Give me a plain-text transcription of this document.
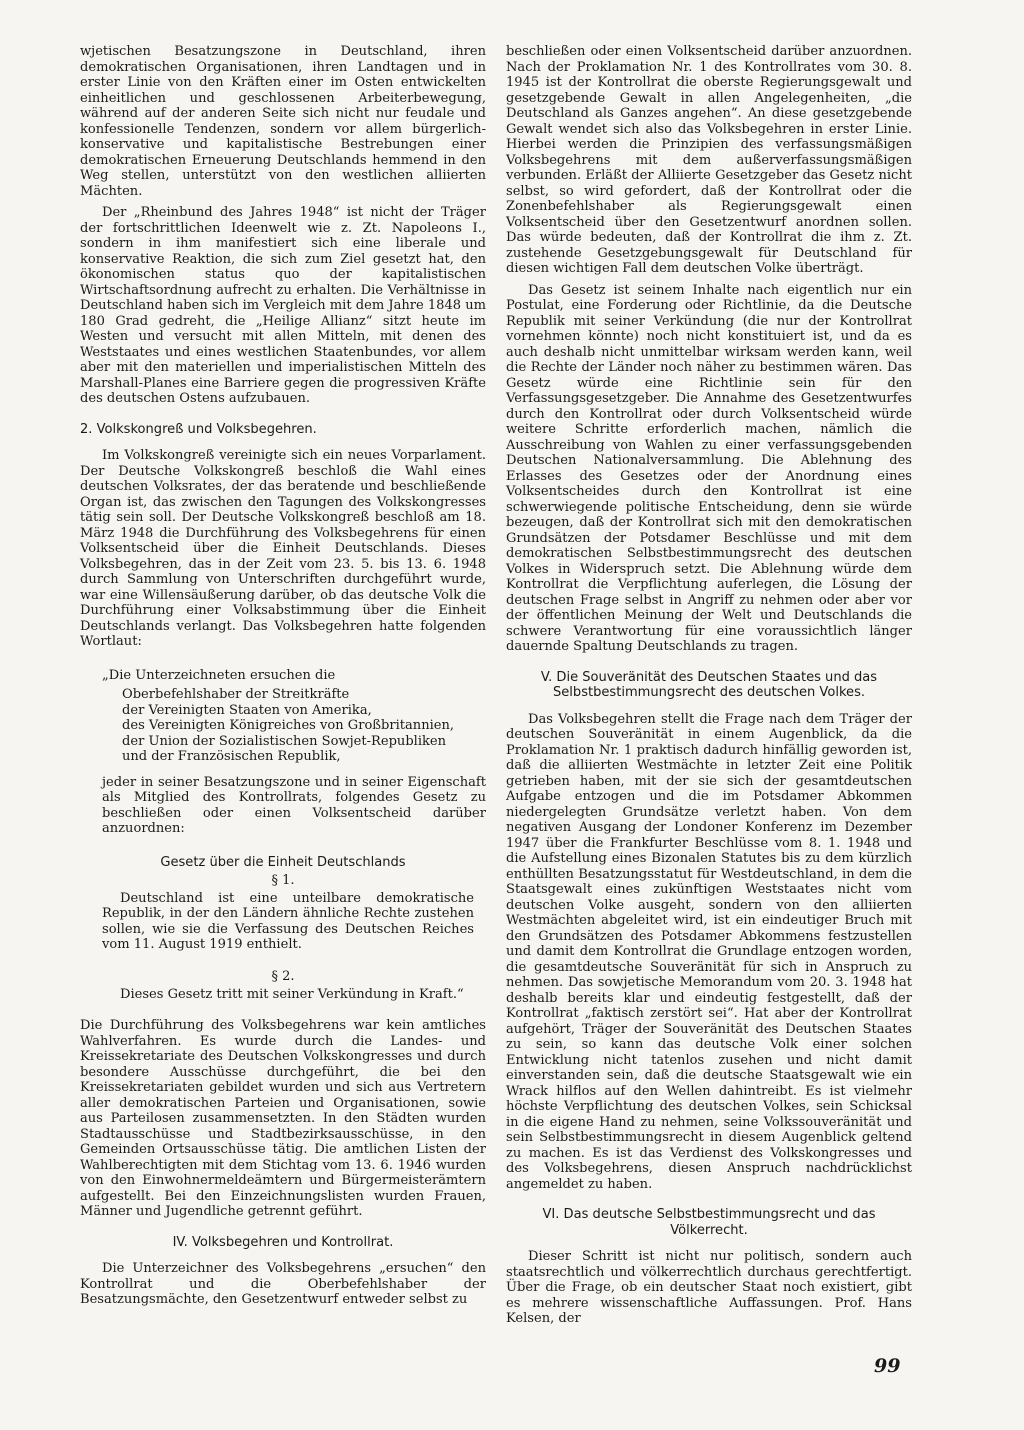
wjetischen Besatzungszone in Deutschland, ihren demokratischen Organisationen, ihren Landtagen und in erster Linie von den Kräften einer im Osten entwickelten einheitlichen und geschlossenen Arbeiterbewegung, während auf der anderen Seite sich nicht nur feudale und konfessionelle Tendenzen, sondern vor allem bürgerlich-konservative und kapitalistische Bestrebungen einer demokratischen Erneuerung Deutschlands hemmend in den Weg stellen, unterstützt von den westlichen alliierten Mächten.

Der „Rheinbund des Jahres 1948“ ist nicht der Träger der fortschrittlichen Ideenwelt wie z. Zt. Napoleons I., sondern in ihm manifestiert sich eine liberale und konservative Reaktion, die sich zum Ziel gesetzt hat, den ökonomischen status quo der kapitalistischen Wirtschaftsordnung aufrecht zu erhalten. Die Verhältnisse in Deutschland haben sich im Vergleich mit dem Jahre 1848 um 180 Grad gedreht, die „Heilige Allianz“ sitzt heute im Westen und versucht mit allen Mitteln, mit denen des Weststaates und eines westlichen Staatenbundes, vor allem aber mit den materiellen und imperialistischen Mitteln des Marshall-Planes eine Barriere gegen die progressiven Kräfte des deutschen Ostens aufzubauen.

2. Volkskongreß und Volksbegehren.

Im Volkskongreß vereinigte sich ein neues Vorparlament. Der Deutsche Volkskongreß beschloß die Wahl eines deutschen Volksrates, der das beratende und beschließende Organ ist, das zwischen den Tagungen des Volkskongresses tätig sein soll. Der Deutsche Volkskongreß beschloß am 18. März 1948 die Durchführung des Volksbegehrens für einen Volksentscheid über die Einheit Deutschlands. Dieses Volksbegehren, das in der Zeit vom 23. 5. bis 13. 6. 1948 durch Sammlung von Unterschriften durchgeführt wurde, war eine Willensäußerung darüber, ob das deutsche Volk die Durchführung einer Volksabstimmung über die Einheit Deutschlands verlangt. Das Volksbegehren hatte folgenden Wortlaut:

„Die Unterzeichneten ersuchen die

Oberbefehlshaber der Streitkräfte

der Vereinigten Staaten von Amerika,

des Vereinigten Königreiches von Großbritannien,

der Union der Sozialistischen Sowjet-Republiken

und der Französischen Republik,

jeder in seiner Besatzungszone und in seiner Eigenschaft als Mitglied des Kontrollrats, folgendes Gesetz zu beschließen oder einen Volksentscheid darüber anzuordnen:

Gesetz über die Einheit Deutschlands
§ 1.

Deutschland ist eine unteilbare demokratische Republik, in der den Ländern ähnliche Rechte zustehen sollen, wie sie die Verfassung des Deutschen Reiches vom 11. August 1919 enthielt.

§ 2.

Dieses Gesetz tritt mit seiner Verkündung in Kraft.“

Die Durchführung des Volksbegehrens war kein amtliches Wahlverfahren. Es wurde durch die Landes- und Kreissekretariate des Deutschen Volkskongresses und durch besondere Ausschüsse durchgeführt, die bei den Kreissekretariaten gebildet wurden und sich aus Vertretern aller demokratischen Parteien und Organisationen, sowie aus Parteilosen zusammensetzten. In den Städten wurden Stadtausschüsse und Stadtbezirksausschüsse, in den Gemeinden Ortsausschüsse tätig. Die amtlichen Listen der Wahlberechtigten mit dem Stichtag vom 13. 6. 1946 wurden von den Einwohnermeldeämtern und Bürgermeisterämtern aufgestellt. Bei den Einzeichnungslisten wurden Frauen, Männer und Jugendliche getrennt geführt.

IV. Volksbegehren und Kontrollrat.

Die Unterzeichner des Volksbegehrens „ersuchen“ den Kontrollrat und die Oberbefehlshaber der Besatzungsmächte, den Gesetzentwurf entweder selbst zu

beschließen oder einen Volksentscheid darüber anzuordnen. Nach der Proklamation Nr. 1 des Kontrollrates vom 30. 8. 1945 ist der Kontrollrat die oberste Regierungsgewalt und gesetzgebende Gewalt in allen Angelegenheiten, „die Deutschland als Ganzes angehen“. An diese gesetzgebende Gewalt wendet sich also das Volksbegehren in erster Linie. Hierbei werden die Prinzipien des verfassungsmäßigen Volksbegehrens mit dem außerverfassungsmäßigen verbunden. Erläßt der Alliierte Gesetzgeber das Gesetz nicht selbst, so wird gefordert, daß der Kontrollrat oder die Zonenbefehlshaber als Regierungsgewalt einen Volksentscheid über den Gesetzentwurf anordnen sollen. Das würde bedeuten, daß der Kontrollrat die ihm z. Zt. zustehende Gesetzgebungsgewalt für Deutschland für diesen wichtigen Fall dem deutschen Volke überträgt.

Das Gesetz ist seinem Inhalte nach eigentlich nur ein Postulat, eine Forderung oder Richtlinie, da die Deutsche Republik mit seiner Verkündung (die nur der Kontrollrat vornehmen könnte) noch nicht konstituiert ist, und da es auch deshalb nicht unmittelbar wirksam werden kann, weil die Rechte der Länder noch näher zu bestimmen wären. Das Gesetz würde eine Richtlinie sein für den Verfassungsgesetzgeber. Die Annahme des Gesetzentwurfes durch den Kontrollrat oder durch Volksentscheid würde weitere Schritte erforderlich machen, nämlich die Ausschreibung von Wahlen zu einer verfassungsgebenden Deutschen Nationalversammlung. Die Ablehnung des Erlasses des Gesetzes oder der Anordnung eines Volksentscheides durch den Kontrollrat ist eine schwerwiegende politische Entscheidung, denn sie würde bezeugen, daß der Kontrollrat sich mit den demokratischen Grundsätzen der Potsdamer Beschlüsse und mit dem demokratischen Selbstbestimmungsrecht des deutschen Volkes in Widerspruch setzt. Die Ablehnung würde dem Kontrollrat die Verpflichtung auferlegen, die Lösung der deutschen Frage selbst in Angriff zu nehmen oder aber vor der öffentlichen Meinung der Welt und Deutschlands die schwere Verantwortung für eine voraussichtlich länger dauernde Spaltung Deutschlands zu tragen.

V. Die Souveränität des Deutschen Staates und das Selbstbestimmungsrecht des deutschen Volkes.

Das Volksbegehren stellt die Frage nach dem Träger der deutschen Souveränität in einem Augenblick, da die Proklamation Nr. 1 praktisch dadurch hinfällig geworden ist, daß die alliierten Westmächte in letzter Zeit eine Politik getrieben haben, mit der sie sich der gesamtdeutschen Aufgabe entzogen und die im Potsdamer Abkommen niedergelegten Grundsätze verletzt haben. Von dem negativen Ausgang der Londoner Konferenz im Dezember 1947 über die Frankfurter Beschlüsse vom 8. 1. 1948 und die Aufstellung eines Bizonalen Statutes bis zu dem kürzlich enthüllten Besatzungsstatut für Westdeutschland, in dem die Staatsgewalt eines zukünftigen Weststaates nicht vom deutschen Volke ausgeht, sondern von den alliierten Westmächten abgeleitet wird, ist ein eindeutiger Bruch mit den Grundsätzen des Potsdamer Abkommens festzustellen und damit dem Kontrollrat die Grundlage entzogen worden, die gesamtdeutsche Souveränität für sich in Anspruch zu nehmen. Das sowjetische Memorandum vom 20. 3. 1948 hat deshalb bereits klar und eindeutig festgestellt, daß der Kontrollrat „faktisch zerstört sei“. Hat aber der Kontrollrat aufgehört, Träger der Souveränität des Deutschen Staates zu sein, so kann das deutsche Volk einer solchen Entwicklung nicht tatenlos zusehen und nicht damit einverstanden sein, daß die deutsche Staatsgewalt wie ein Wrack hilflos auf den Wellen dahintreibt. Es ist vielmehr höchste Verpflichtung des deutschen Volkes, sein Schicksal in die eigene Hand zu nehmen, seine Volkssouveränität und sein Selbstbestimmungsrecht in diesem Augenblick geltend zu machen. Es ist das Verdienst des Volkskongresses und des Volksbegehrens, diesen Anspruch nachdrücklichst angemeldet zu haben.

VI. Das deutsche Selbstbestimmungsrecht und das Völkerrecht.

Dieser Schritt ist nicht nur politisch, sondern auch staatsrechtlich und völkerrechtlich durchaus gerechtfertigt. Über die Frage, ob ein deutscher Staat noch existiert, gibt es mehrere wissenschaftliche Auffassungen. Prof. Hans Kelsen, der

99
